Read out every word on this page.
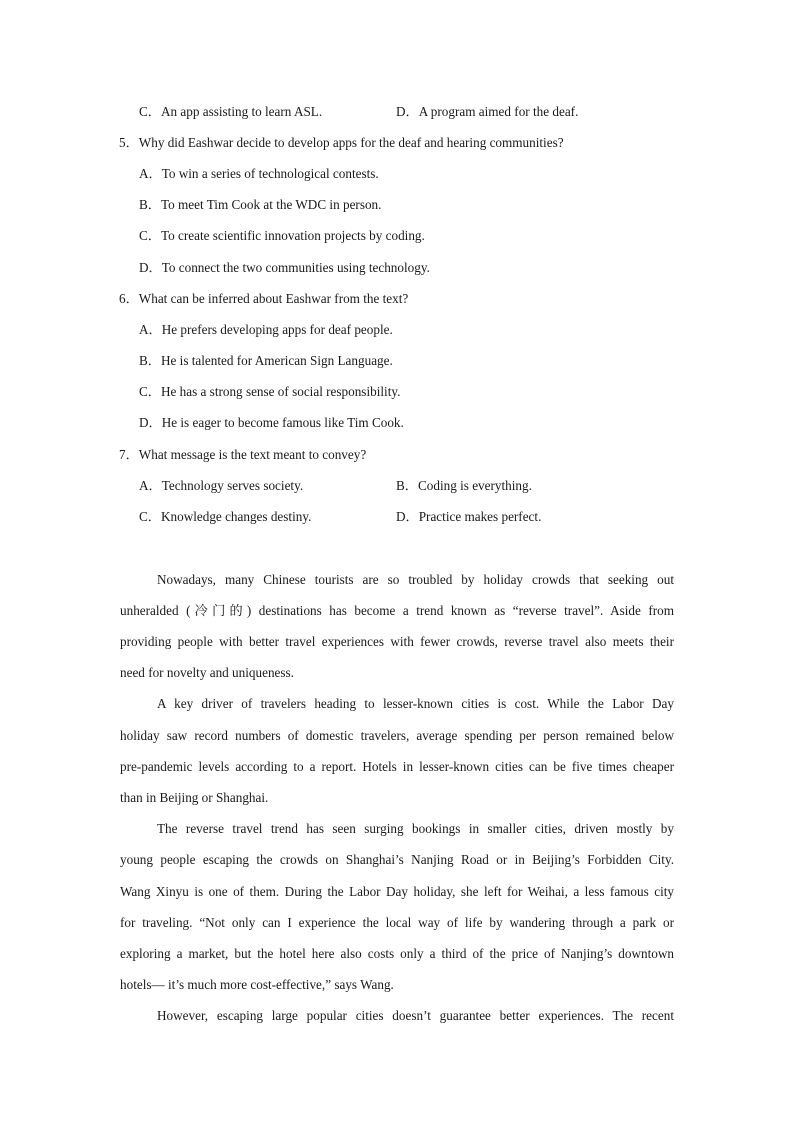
C．An app assisting to learn ASL.	D．A program aimed for the deaf.
5．Why did Eashwar decide to develop apps for the deaf and hearing communities?
A．To win a series of technological contests.
B．To meet Tim Cook at the WDC in person.
C．To create scientific innovation projects by coding.
D．To connect the two communities using technology.
6．What can be inferred about Eashwar from the text?
A．He prefers developing apps for deaf people.
B．He is talented for American Sign Language.
C．He has a strong sense of social responsibility.
D．He is eager to become famous like Tim Cook.
7．What message is the text meant to convey?
A．Technology serves society.	B．Coding is everything.
C．Knowledge changes destiny.	D．Practice makes perfect.
Nowadays, many Chinese tourists are so troubled by holiday crowds that seeking out
unheralded (冷门的) destinations has become a trend known as “reverse travel”. Aside from
providing people with better travel experiences with fewer crowds, reverse travel also meets their
need for novelty and uniqueness.
A key driver of travelers heading to lesser-known cities is cost. While the Labor Day
holiday saw record numbers of domestic travelers, average spending per person remained below
pre-pandemic levels according to a report. Hotels in lesser-known cities can be five times cheaper
than in Beijing or Shanghai.
The reverse travel trend has seen surging bookings in smaller cities, driven mostly by
young people escaping the crowds on Shanghai’s Nanjing Road or in Beijing’s Forbidden City.
Wang Xinyu is one of them. During the Labor Day holiday, she left for Weihai, a less famous city
for traveling. “Not only can I experience the local way of life by wandering through a park or
exploring a market, but the hotel here also costs only a third of the price of Nanjing’s downtown
hotels— it’s much more cost-effective,” says Wang.
However, escaping large popular cities doesn’t guarantee better experiences. The recent
